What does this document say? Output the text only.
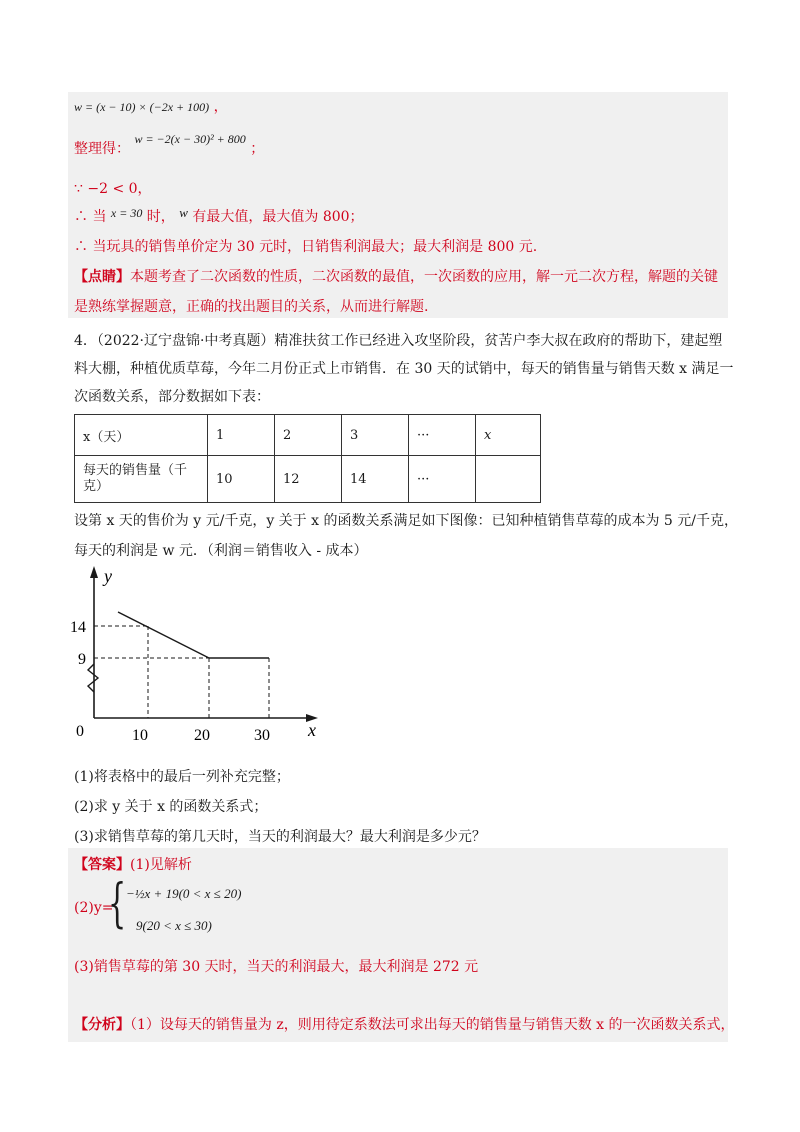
w = (x − 10) × (−2x + 100) ，
整理得： w = −2(x − 30)² + 800 ；
∵ −2 < 0，
∴ 当 x = 30 时， w 有最大值，最大值为 800；
∴ 当玩具的销售单价定为 30 元时，日销售利润最大；最大利润是 800 元.
【点睛】本题考查了二次函数的性质，二次函数的最值，一次函数的应用，解一元二次方程，解题的关键
是熟练掌握题意，正确的找出题目的关系，从而进行解题.
4．（2022·辽宁盘锦·中考真题）精准扶贫工作已经进入攻坚阶段，贫苦户李大叔在政府的帮助下，建起塑
料大棚，种植优质草莓，今年二月份正式上市销售．在 30 天的试销中，每天的销售量与销售天数 x 满足一
次函数关系，部分数据如下表：
x（天）	1	2	3	···	x
每天的销售量（千克）	10	12	14	···	
设第 x 天的售价为 y 元/千克，y 关于 x 的函数关系满足如下图像：已知种植销售草莓的成本为 5 元/千克，
每天的利润是 w 元．（利润＝销售收入 - 成本）
y
x
0
14
9
10	20	30
(1)将表格中的最后一列补充完整；
(2)求 y 关于 x 的函数关系式；
(3)求销售草莓的第几天时，当天的利润最大？最大利润是多少元？
【答案】(1)见解析
(2)y=
{ −½x + 19(0 < x ≤ 20)
9(20 < x ≤ 30)
(3)销售草莓的第 30 天时，当天的利润最大，最大利润是 272 元
【分析】（1）设每天的销售量为 z，则用待定系数法可求出每天的销售量与销售天数 x 的一次函数关系式，
